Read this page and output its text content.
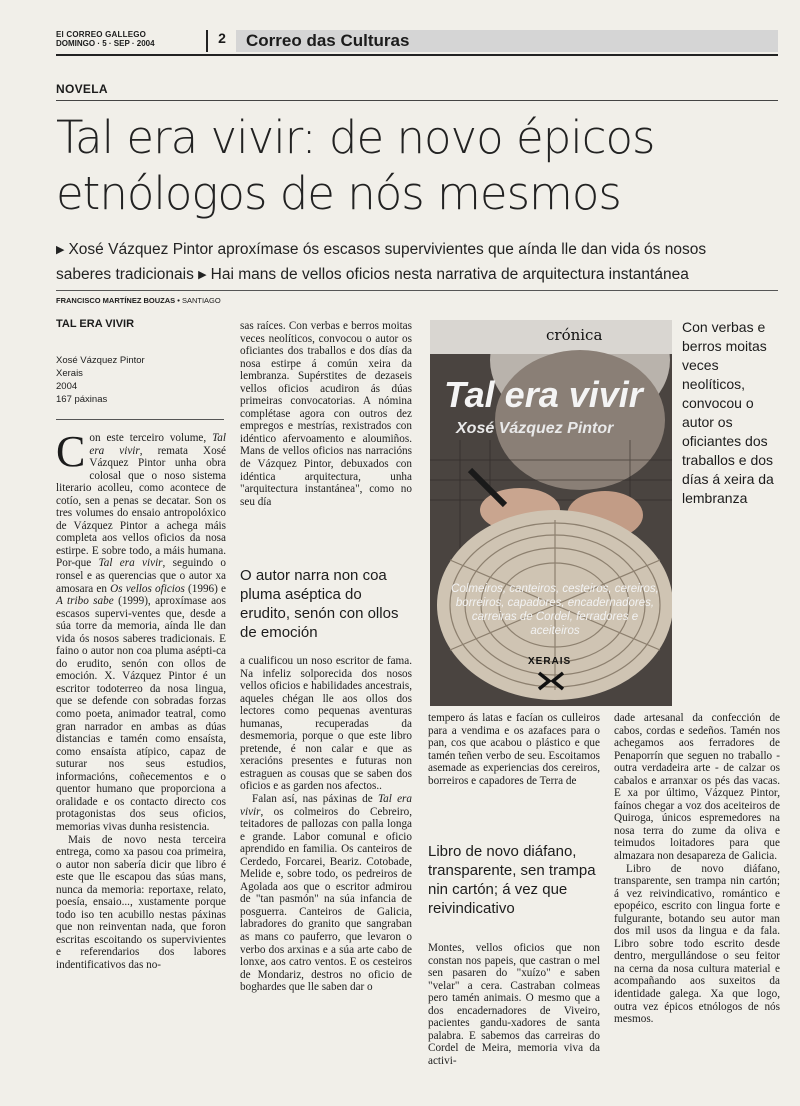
El CORREO GALLEGO
DOMINGO · 5 · SEP · 2004	2	Correo das Culturas
NOVELA
Tal era vivir: de novo épicos
etnólogos de nós mesmos

▶ Xosé Vázquez Pintor aproxímase ós escasos supervivientes que aínda lle dan vida ós nosos

saberes tradicionais ▶ Hai mans de vellos oficios nesta narrativa de arquitectura instantánea

FRANCISCO MARTÍNEZ BOUZAS • SANTIAGO
TAL ERA VIVIR
Xosé Vázquez Pintor
Xerais
2004
167 páxinas

Con este terceiro volume, Tal era vivir, remata Xosé Vázquez Pintor unha obra colosal que o noso sistema literario acolleu, como acontece de cotío, sen a penas se decatar. Son os tres volumes do ensaio antropolóxico de Vázquez Pintor a achega máis completa aos vellos oficios da nosa estirpe. E sobre todo, a máis humana. Por-que Tal era vivir, seguindo o ronsel e as querencias que o autor xa amosara en Os vellos oficios (1996) e A tribo sabe (1999), aproxímase aos escasos supervi-ventes que, desde a súa torre da memoria, aínda lle dan vida ós nosos saberes tradicionais. E faino o autor non coa pluma asépti-ca do erudito, senón con ollos de emoción. X. Vázquez Pintor é un escritor todoterreo da nosa lingua, que se defende con sobradas forzas como poeta, animador teatral, como gran narrador en ambas as dúas distancias e tamén como ensaísta, como ensaísta atípico, capaz de suturar nos seus estudios, informacións, coñecementos e o quentor humano que proporciona a oralidade e os contacto directo cos protagonistas dos seus oficios, memorias vivas dunha resistencia.

Mais de novo nesta terceira entrega, como xa pasou coa primeira, o autor non sabería dicir que libro é este que lle escapou das súas mans, nunca da memoria: reportaxe, relato, poesía, ensaio..., xustamente porque todo iso ten acubillo nestas páxinas que non reinventan nada, que foron escritas escoitando os supervivientes e referendarios dos labores indentificativos das no-

sas raíces. Con verbas e berros moitas veces neolíticos, convocou o autor os oficiantes dos traballos e dos días da nosa estirpe á común xeira da lembranza. Supérstites de dezaseis vellos oficios acudiron ás dúas primeiras convocatorias. A nómina complétase agora con outros dez empregos e mestrías, rexistrados con idéntico afervoamento e aloumiños. Mans de vellos oficios nas narracións de Vázquez Pintor, debuxados con idéntica arquitectura, unha "arquitectura instantánea", como no seu día

O autor narra non coa pluma aséptica do erudito, senón con ollos de emoción

a cualificou un noso escritor de fama. Na infeliz solporecida dos nosos vellos oficios e habilidades ancestrais, aqueles chégan lle aos ollos dos lectores como pequenas aventuras humanas, recuperadas da desmemoria, porque o que este libro pretende, é non calar e que as xeracións presentes e futuras non estraguen as cousas que se saben dos oficios e as garden nos afectos..

Falan así, nas páxinas de Tal era vivir, os colmeiros do Cebreiro, teitadores de pallozas con palla longa e grande. Labor comunal e oficio aprendido en familia. Os canteiros de Cerdedo, Forcarei, Beariz. Cotobade, Melide e, sobre todo, os pedreiros de Agolada aos que o escritor admirou de "tan pasmón" na súa infancia de posguerra. Canteiros de Galicia, labradores do granito que sangraban as mans co pauferro, que levaron o verbo dos arxinas e a súa arte cabo de lonxe, aos catro ventos. E os cesteiros de Mondariz, destros no oficio de boghardes que lle saben dar o

crónica
Tal era vivir
Xosé Vázquez Pintor
Colmeiros, canteiros, cesteiros, cereiros, borreiros, capadores, encadernadores, carreiras de Cordel, ferradores e aceiteiros
XERAIS
Con verbas e berros moitas veces neolíticos, convocou o autor os oficiantes dos traballos e dos días á xeira da lembranza

tempero ás latas e facían os culleiros para a vendima e os azafaces para o pan, cos que acabou o plástico e que tamén teñen verbo de seu. Escoitamos asemade as experiencias dos cereiros, borreiros e capadores de Terra de

Libro de novo diáfano, transparente, sen trampa nin cartón; á vez que reivindicativo

Montes, vellos oficios que non constan nos papeis, que castran o mel sen pasaren do "xuízo" e saben "velar" a cera. Castraban colmeas pero tamén animais. O mesmo que a dos encadernadores de Viveiro, pacientes gandu-xadores de santa palabra. E sabemos das carreiras do Cordel de Meira, memoria viva da activi-

dade artesanal da confección de cabos, cordas e sedeños. Tamén nos achegamos aos ferradores de Penaporrín que seguen no traballo - outra verdadeira arte - de calzar os cabalos e arranxar os pés das vacas. E xa por último, Vázquez Pintor, faínos chegar a voz dos aceiteiros de Quiroga, únicos espremedores na nosa terra do zume da oliva e teimudos loitadores para que almazara non desapareza de Galicia.

Libro de novo diáfano, transparente, sen trampa nin cartón; á vez reivindicativo, romántico e epopéico, escrito con lingua forte e fulgurante, botando seu autor man dos mil usos da lingua e da fala. Libro sobre todo escrito desde dentro, mergullándose o seu feitor na cerna da nosa cultura material e acompañando aos suxeitos da identidade galega. Xa que logo, outra vez épicos etnólogos de nós mesmos.
